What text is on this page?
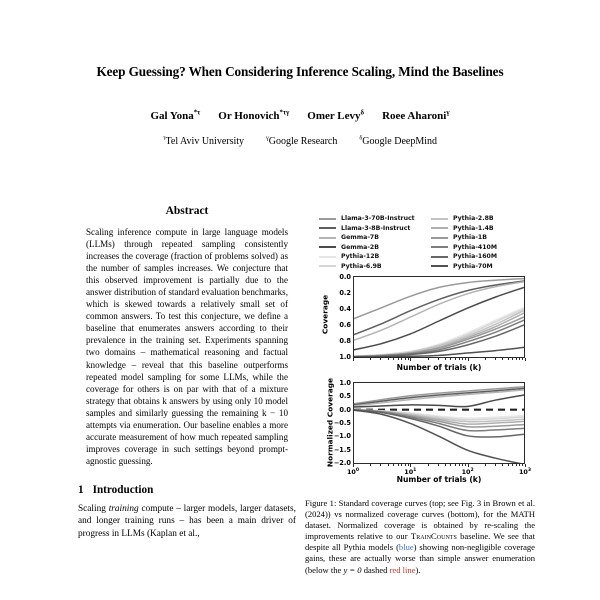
Keep Guessing? When Considering Inference Scaling, Mind the Baselines
Gal Yona$^{*\tau}$ Or Honovich$^{*\tau\gamma}$ Omer Levy$^\delta$ Roee Aharoni$^\gamma$
$^\tau$Tel Aviv University	$^\gamma$Google Research	$^\delta$Google DeepMind
Abstract

Scaling inference compute in large language models (LLMs) through repeated sampling consistently increases the coverage (fraction of problems solved) as the number of samples increases. We conjecture that this observed improvement is partially due to the answer distribution of standard evaluation benchmarks, which is skewed towards a relatively small set of common answers. To test this conjecture, we define a baseline that enumerates answers according to their prevalence in the training set. Experiments spanning two domains – mathematical reasoning and factual knowledge – reveal that this baseline outperforms repeated model sampling for some LLMs, while the coverage for others is on par with that of a mixture strategy that obtains k answers by using only 10 model samples and similarly guessing the remaining k − 10 attempts via enumeration. Our baseline enables a more accurate measurement of how much repeated sampling improves coverage in such settings beyond prompt-agnostic guessing.

1 Introduction

Scaling training compute – larger models, larger datasets, and longer training runs – has been a main driver of progress in LLMs (Kaplan et al.,

Llama-3-70B-Instruct
Llama-3-8B-Instruct
Gemma-7B
Gemma-2B
Pythia-12B
Pythia-6.9B
Pythia-2.8B
Pythia-1.4B
Pythia-1B
Pythia-410M
Pythia-160M
Pythia-70M
Coverage
0.0
0.2
0.4
0.6
0.8
1.0
Number of trials (k)
Normalized Coverage 1.0
0.5
0.0
−0.5
−1.0
−1.5
−2.0
$10^0$	$10^1$	$10^2$	$10^3$
Number of trials (k)

Figure 1: Standard coverage curves (top; see Fig. 3 in Brown et al. (2024)) vs normalized coverage curves (bottom), for the MATH dataset. Normalized coverage is obtained by re-scaling the improvements relative to our TrainCounts baseline. We see that despite all Pythia models (blue) showing non-negligible coverage gains, these are actually worse than simple answer enumeration (below the y = 0 dashed red line).
